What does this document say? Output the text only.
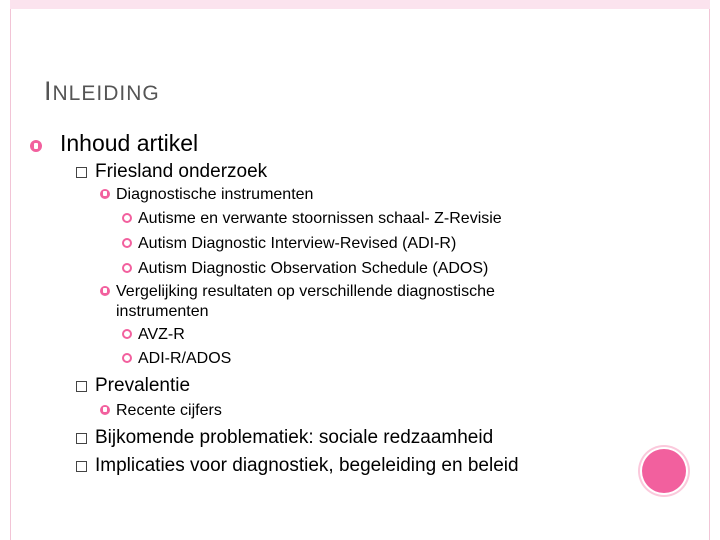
INLEIDING
Inhoud artikel
Friesland onderzoek
Diagnostische instrumenten
Autisme en verwante stoornissen schaal- Z-Revisie
Autism Diagnostic Interview-Revised (ADI-R)
Autism Diagnostic Observation Schedule (ADOS)
Vergelijking resultaten op verschillende diagnostische
instrumenten
AVZ-R
ADI-R/ADOS
Prevalentie
Recente cijfers
Bijkomende problematiek: sociale redzaamheid
Implicaties voor diagnostiek, begeleiding en beleid
